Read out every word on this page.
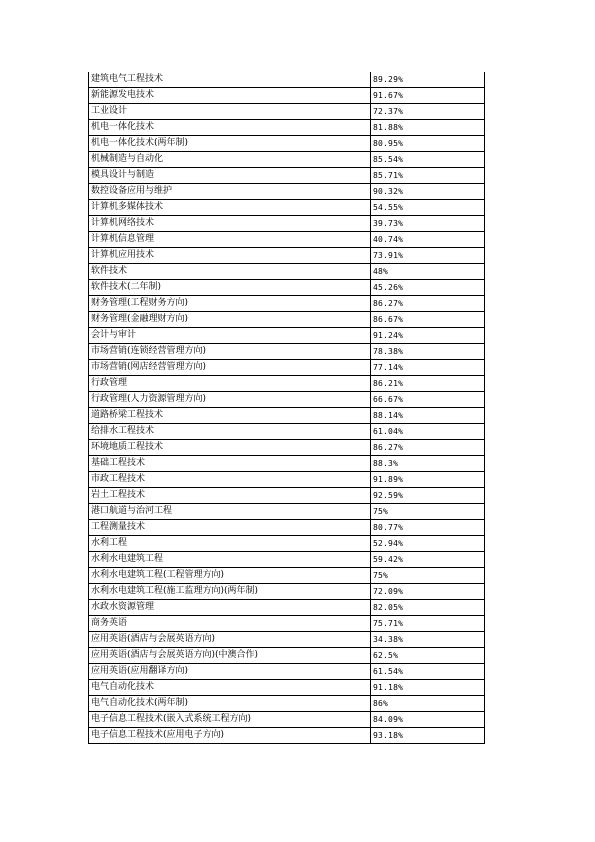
建筑电气工程技术	89.29%
新能源发电技术	91.67%
工业设计	72.37%
机电一体化技术	81.88%
机电一体化技术(两年制)	80.95%
机械制造与自动化	85.54%
模具设计与制造	85.71%
数控设备应用与维护	90.32%
计算机多媒体技术	54.55%
计算机网络技术	39.73%
计算机信息管理	40.74%
计算机应用技术	73.91%
软件技术	48%
软件技术(二年制)	45.26%
财务管理(工程财务方向)	86.27%
财务管理(金融理财方向)	86.67%
会计与审计	91.24%
市场营销(连锁经营管理方向)	78.38%
市场营销(网店经营管理方向)	77.14%
行政管理	86.21%
行政管理(人力资源管理方向)	66.67%
道路桥梁工程技术	88.14%
给排水工程技术	61.04%
环境地质工程技术	86.27%
基础工程技术	88.3%
市政工程技术	91.89%
岩土工程技术	92.59%
港口航道与治河工程	75%
工程测量技术	80.77%
水利工程	52.94%
水利水电建筑工程	59.42%
水利水电建筑工程(工程管理方向)	75%
水利水电建筑工程(施工监理方向)(两年制)	72.09%
水政水资源管理	82.05%
商务英语	75.71%
应用英语(酒店与会展英语方向)	34.38%
应用英语(酒店与会展英语方向)(中澳合作)	62.5%
应用英语(应用翻译方向)	61.54%
电气自动化技术	91.18%
电气自动化技术(两年制)	86%
电子信息工程技术(嵌入式系统工程方向)	84.09%
电子信息工程技术(应用电子方向)	93.18%
